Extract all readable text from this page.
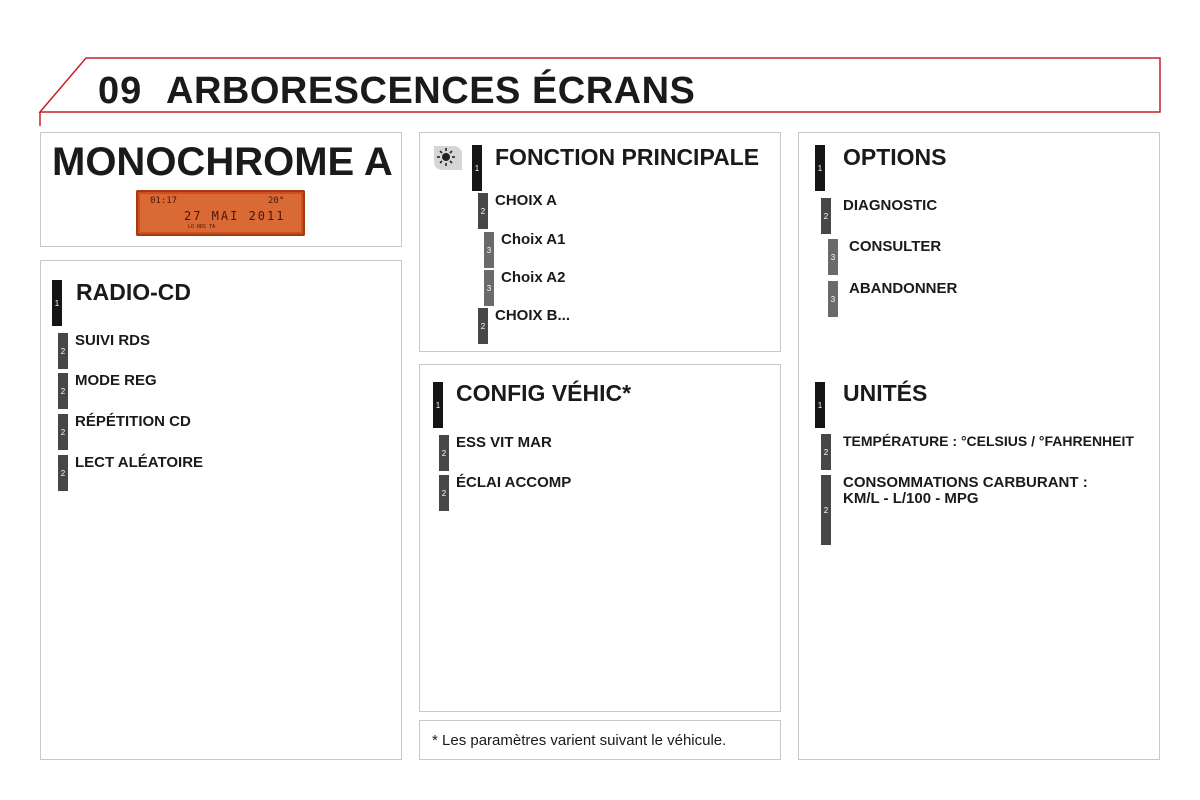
09 ARBORESCENCES ÉCRANS
MONOCHROME A
01:17	20°
27 MAI 2011
LO RDS TA
1 RADIO-CD
2
SUIVI RDS
2
MODE REG
2
RÉPÉTITION CD
2
LECT ALÉATOIRE
1 FONCTION PRINCIPALE
2
CHOIX A
3
Choix A1
3
Choix A2
2
CHOIX B...
1 CONFIG VÉHIC*
2
ESS VIT MAR
2
ÉCLAI ACCOMP
* Les paramètres varient suivant le véhicule.
1 OPTIONS
2
DIAGNOSTIC
3
CONSULTER
3
ABANDONNER
1 UNITÉS
2
TEMPÉRATURE : °CELSIUS / °FAHRENHEIT
2
CONSOMMATIONS CARBURANT :
KM/L - L/100 - MPG
